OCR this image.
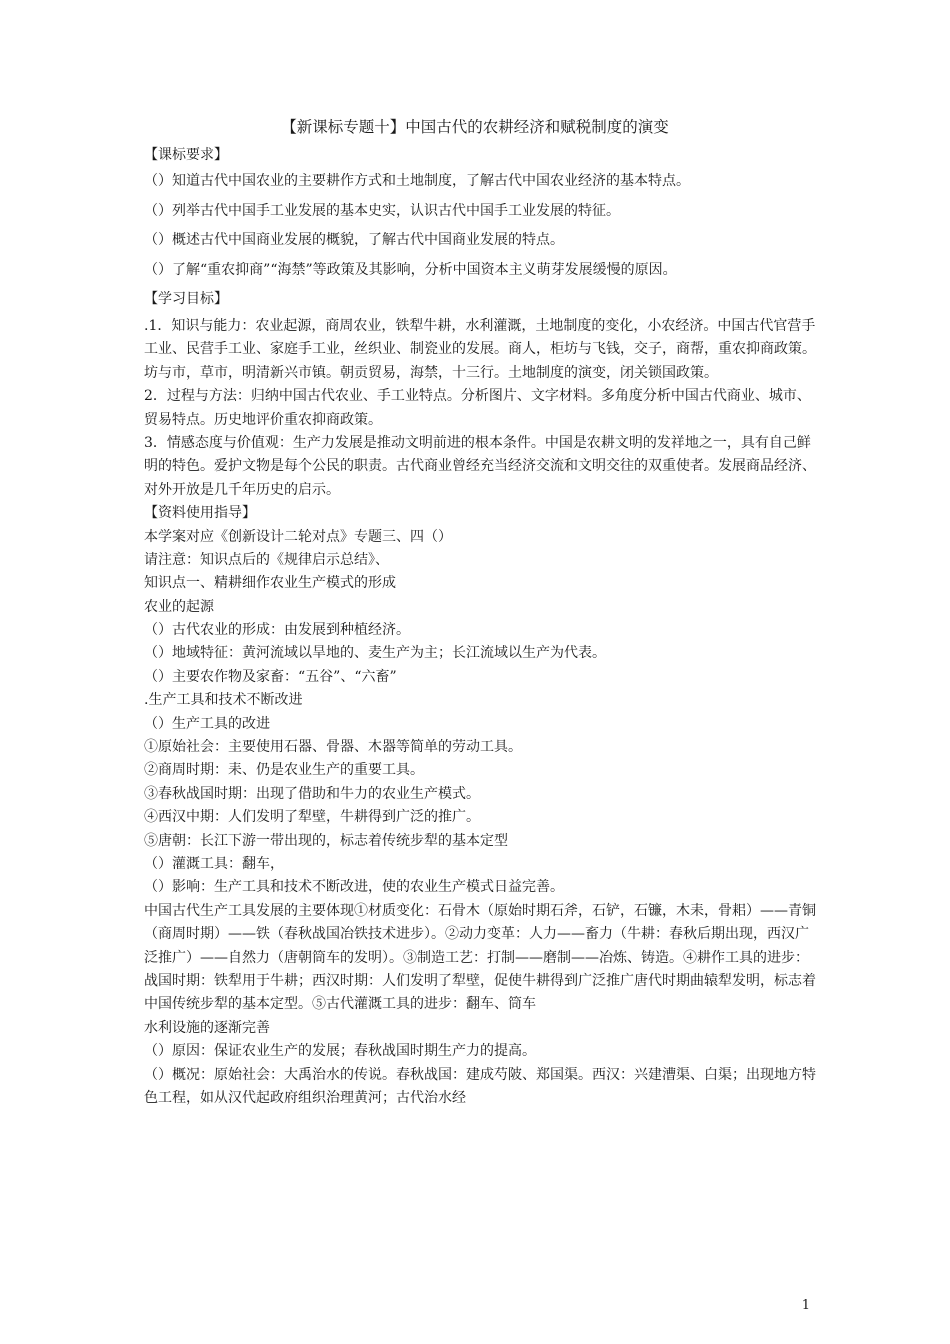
【新课标专题十】中国古代的农耕经济和赋税制度的演变
【课标要求】
（）知道古代中国农业的主要耕作方式和土地制度，了解古代中国农业经济的基本特点。
（）列举古代中国手工业发展的基本史实，认识古代中国手工业发展的特征。
（）概述古代中国商业发展的概貌，了解古代中国商业发展的特点。
（）了解“重农抑商”“海禁”等政策及其影响，分析中国资本主义萌芽发展缓慢的原因。
【学习目标】
.1．知识与能力：农业起源，商周农业，铁犁牛耕，水利灌溉，土地制度的变化，小农经济。中国古代官营手工业、民营手工业、家庭手工业，丝织业、制瓷业的发展。商人，柜坊与飞钱，交子，商帮，重农抑商政策。坊与市，草市，明清新兴市镇。朝贡贸易，海禁，十三行。土地制度的演变，闭关锁国政策。
2．过程与方法：归纳中国古代农业、手工业特点。分析图片、文字材料。多角度分析中国古代商业、城市、贸易特点。历史地评价重农抑商政策。
3．情感态度与价值观：生产力发展是推动文明前进的根本条件。中国是农耕文明的发祥地之一，具有自己鲜明的特色。爱护文物是每个公民的职责。古代商业曾经充当经济交流和文明交往的双重使者。发展商品经济、对外开放是几千年历史的启示。
【资料使用指导】
本学案对应《创新设计二轮对点》专题三、四（）
请注意：知识点后的《规律启示总结》、
知识点一、精耕细作农业生产模式的形成
农业的起源
（）古代农业的形成：由发展到种植经济。
（）地域特征：黄河流域以旱地的、麦生产为主；长江流域以生产为代表。
（）主要农作物及家畜：“五谷”、“六畜”
.生产工具和技术不断改进
（）生产工具的改进
①原始社会：主要使用石器、骨器、木器等简单的劳动工具。
②商周时期：耒、仍是农业生产的重要工具。
③春秋战国时期：出现了借助和牛力的农业生产模式。
④西汉中期：人们发明了犁壁，牛耕得到广泛的推广。
⑤唐朝：长江下游一带出现的，标志着传统步犁的基本定型
（）灌溉工具：翻车，
（）影响：生产工具和技术不断改进，使的农业生产模式日益完善。
中国古代生产工具发展的主要体现①材质变化：石骨木（原始时期石斧，石铲，石镰，木耒，骨耜）——青铜（商周时期）——铁（春秋战国冶铁技术进步）。②动力变革：人力——畜力（牛耕：春秋后期出现，西汉广泛推广）——自然力（唐朝筒车的发明）。③制造工艺：打制——磨制——冶炼、铸造。④耕作工具的进步：战国时期：铁犁用于牛耕；西汉时期：人们发明了犁壁，促使牛耕得到广泛推广唐代时期曲辕犁发明，标志着中国传统步犁的基本定型。⑤古代灌溉工具的进步：翻车、筒车
水利设施的逐渐完善
（）原因：保证农业生产的发展；春秋战国时期生产力的提高。
（）概况：原始社会：大禹治水的传说。春秋战国：建成芍陂、郑国渠。西汉：兴建漕渠、白渠；出现地方特色工程，如从汉代起政府组织治理黄河；古代治水经
1
